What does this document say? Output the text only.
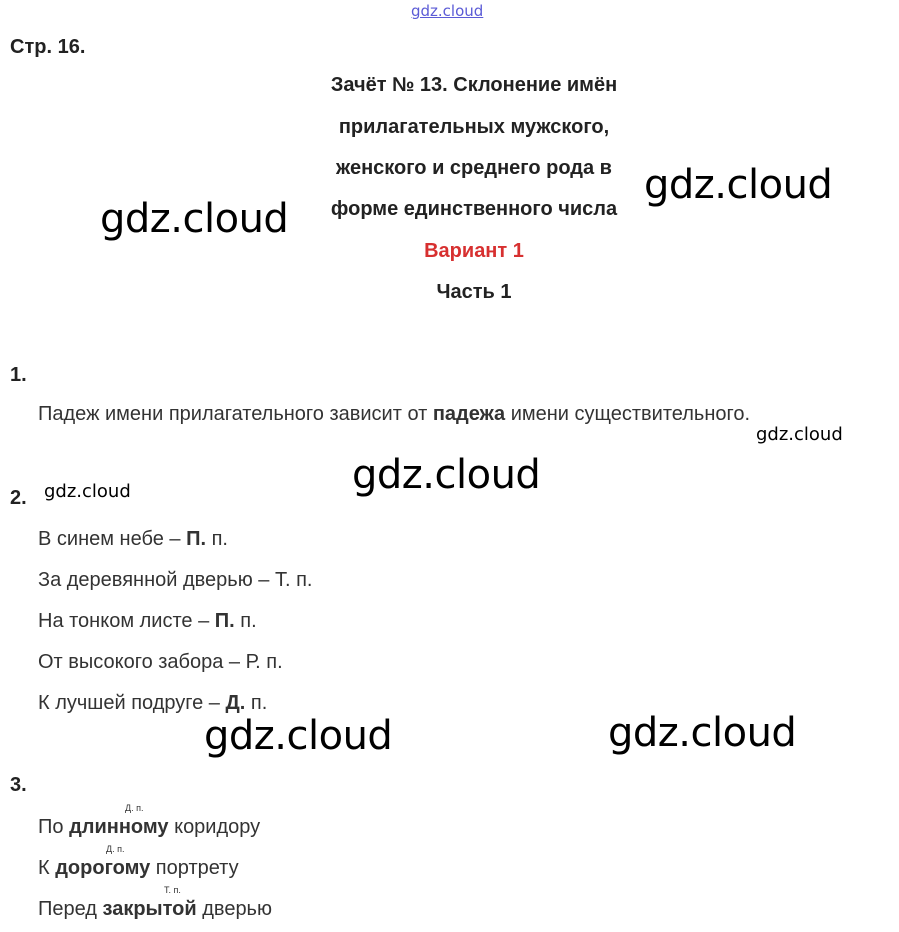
gdz.cloud
gdz.cloud
gdz.cloud
gdz.cloud
gdz.cloud
gdz.cloud
gdz.cloud	gdz.cloud
Стр. 16.
Зачёт № 13. Склонение имён
прилагательных мужского,
женского и среднего рода в
форме единственного числа
Вариант 1
Часть 1
1.
Падеж имени прилагательного зависит от падежа имени существительного.
2.
В синем небе – П. п.
За деревянной дверью – Т. п.
На тонком листе – П. п.
От высокого забора – Р. п.
К лучшей подруге – Д. п.
3.
Д. п.
По длинному коридору
Д. п.
К дорогому портрету
Т. п.
Перед закрытой дверью
